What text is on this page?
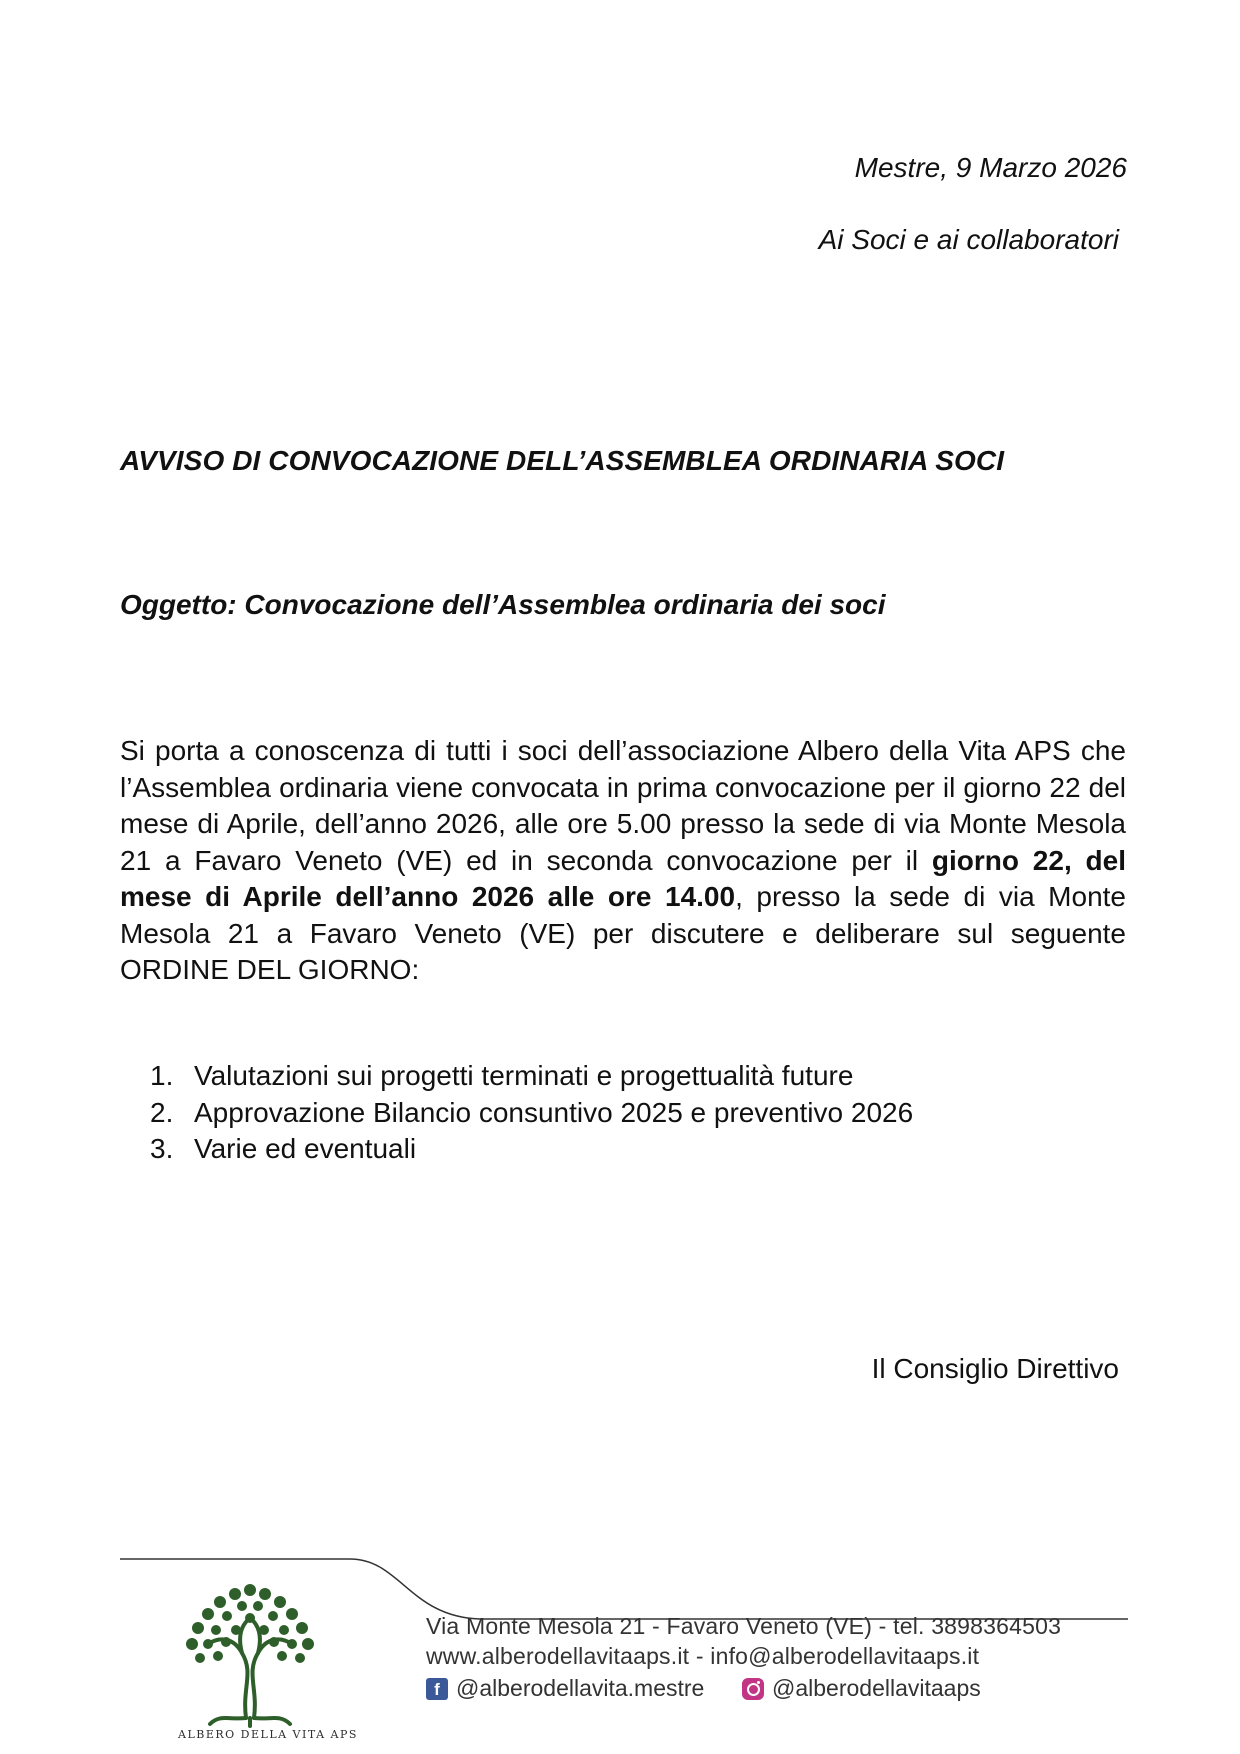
Mestre, 9 Marzo 2026
Ai Soci e ai collaboratori
AVVISO DI CONVOCAZIONE DELL’ASSEMBLEA ORDINARIA SOCI
Oggetto: Convocazione dell’Assemblea ordinaria dei soci
Si porta a conoscenza di tutti i soci dell’associazione Albero della Vita APS che l’Assemblea ordinaria viene convocata in prima convocazione per il giorno 22 del mese di Aprile, dell’anno 2026, alle ore 5.00 presso la sede di via Monte Mesola 21 a Favaro Veneto (VE) ed in seconda convocazione per il giorno 22, del mese di Aprile dell’anno 2026 alle ore 14.00, presso la sede di via Monte Mesola 21 a Favaro Veneto (VE) per discutere e deliberare sul seguente ORDINE DEL GIORNO:
1. Valutazioni sui progetti terminati e progettualità future
2. Approvazione Bilancio consuntivo 2025 e preventivo 2026
3. Varie ed eventuali
Il Consiglio Direttivo
ALBERO DELLA VITA APS
Via Monte Mesola 21 - Favaro Veneto (VE) - tel. 3898364503
www.alberodellavitaaps.it - info@alberodellavitaaps.it
f @alberodellavita.mestre	@alberodellavitaaps
